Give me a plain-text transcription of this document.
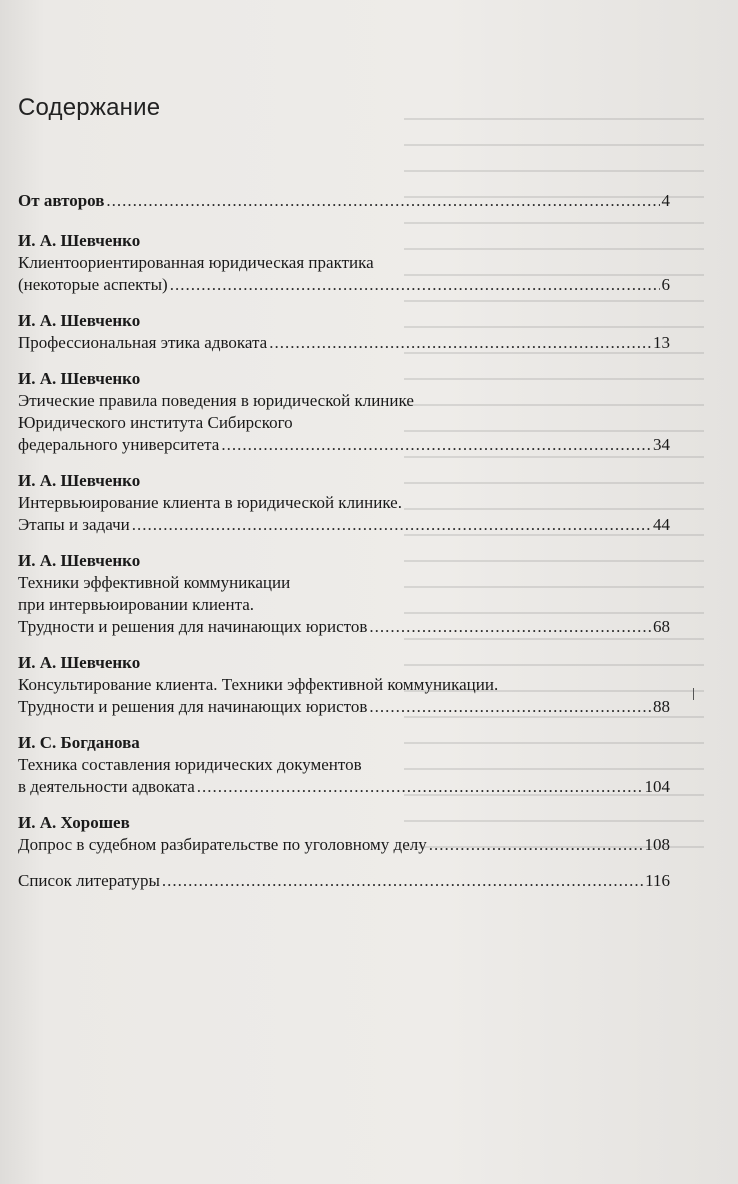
Содержание
От авторов .....	4
И. А. Шевченко
Клиентоориентированная юридическая практика
(некоторые аспекты) .....	6
И. А. Шевченко
Профессиональная этика адвоката .....	13
И. А. Шевченко
Этические правила поведения в юридической клинике
Юридического института Сибирского
федерального университета .....	34
И. А. Шевченко
Интервьюирование клиента в юридической клинике.
Этапы и задачи .....	44
И. А. Шевченко
Техники эффективной коммуникации
при интервьюировании клиента.
Трудности и решения для начинающих юристов .....	68
И. А. Шевченко
Консультирование клиента. Техники эффективной коммуникации.
Трудности и решения для начинающих юристов .....	88
И. С. Богданова
Техника составления юридических документов
в деятельности адвоката .....	104
И. А. Хорошев
Допрос в судебном разбирательстве по уголовному делу .....	108
Список литературы .....	116
